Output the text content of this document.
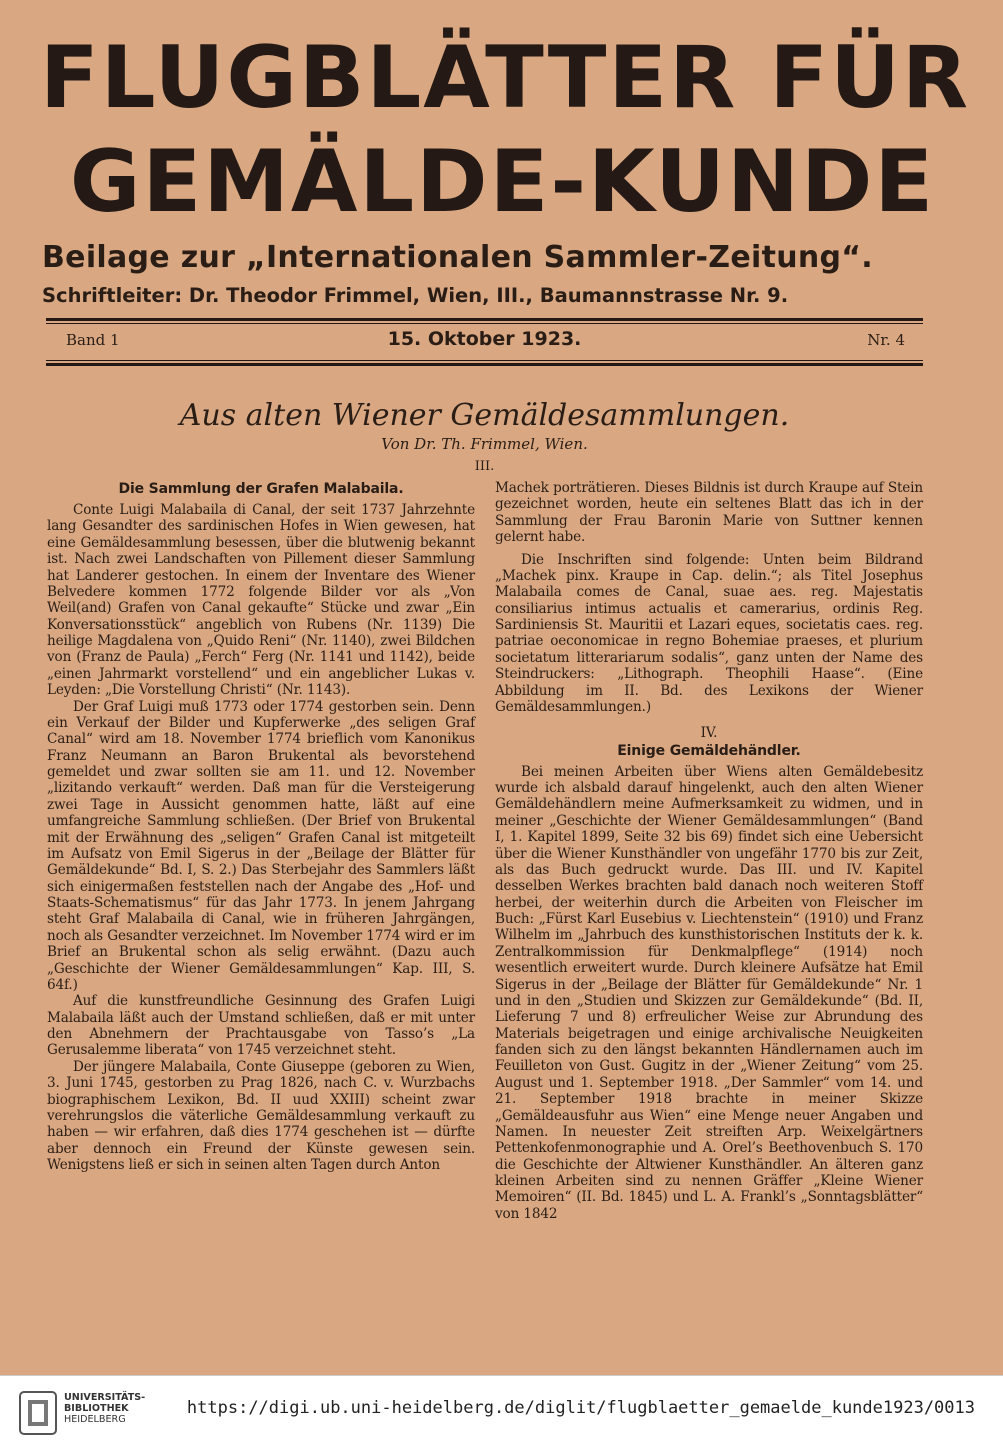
FLUGBLÄTTER FÜR
GEMÄLDE-KUNDE
Beilage zur „Internationalen Sammler-Zeitung“.
Schriftleiter: Dr. Theodor Frimmel, Wien, III., Baumannstrasse Nr. 9.
Band 1	15. Oktober 1923.	Nr. 4
Aus alten Wiener Gemäldesammlungen.
Von Dr. Th. Frimmel, Wien.
III.
Die Sammlung der Grafen Malabaila.

Conte Luigi Malabaila di Canal, der seit 1737 Jahrzehnte lang Gesandter des sardinischen Hofes in Wien gewesen, hat eine Gemäldesammlung besessen, über die blutwenig bekannt ist. Nach zwei Landschaften von Pillement dieser Sammlung hat Landerer gestochen. In einem der Inventare des Wiener Belvedere kommen 1772 folgende Bilder vor als „Von Weil(and) Grafen von Canal gekaufte“ Stücke und zwar „Ein Konversationsstück“ angeblich von Rubens (Nr. 1139) Die heilige Magdalena von „Quido Reni“ (Nr. 1140), zwei Bildchen von (Franz de Paula) „Ferch“ Ferg (Nr. 1141 und 1142), beide „einen Jahrmarkt vorstellend“ und ein angeblicher Lukas v. Leyden: „Die Vorstellung Christi“ (Nr. 1143).

Der Graf Luigi muß 1773 oder 1774 gestorben sein. Denn ein Verkauf der Bilder und Kupferwerke „des seligen Graf Canal“ wird am 18. November 1774 brieflich vom Kanonikus Franz Neumann an Baron Brukental als bevorstehend gemeldet und zwar sollten sie am 11. und 12. November „lizitando verkauft“ werden. Daß man für die Versteigerung zwei Tage in Aussicht genommen hatte, läßt auf eine umfangreiche Sammlung schließen. (Der Brief von Brukental mit der Erwähnung des „seligen“ Grafen Canal ist mitgeteilt im Aufsatz von Emil Sigerus in der „Beilage der Blätter für Gemäldekunde“ Bd. I, S. 2.) Das Sterbejahr des Sammlers läßt sich einigermaßen feststellen nach der Angabe des „Hof- und Staats-Schematismus“ für das Jahr 1773. In jenem Jahrgang steht Graf Malabaila di Canal, wie in früheren Jahrgängen, noch als Gesandter verzeichnet. Im November 1774 wird er im Brief an Brukental schon als selig erwähnt. (Dazu auch „Geschichte der Wiener Gemäldesammlungen“ Kap. III, S. 64f.)

Auf die kunstfreundliche Gesinnung des Grafen Luigi Malabaila läßt auch der Umstand schließen, daß er mit unter den Abnehmern der Prachtausgabe von Tasso’s „La Gerusalemme liberata“ von 1745 verzeichnet steht.

Der jüngere Malabaila, Conte Giuseppe (geboren zu Wien, 3. Juni 1745, gestorben zu Prag 1826, nach C. v. Wurzbachs biographischem Lexikon, Bd. II uud XXIII) scheint zwar verehrungslos die väterliche Gemäldesammlung verkauft zu haben — wir erfahren, daß dies 1774 geschehen ist — dürfte aber dennoch ein Freund der Künste gewesen sein. Wenigstens ließ er sich in seinen alten Tagen durch Anton

Machek porträtieren. Dieses Bildnis ist durch Kraupe auf Stein gezeichnet worden, heute ein seltenes Blatt das ich in der Sammlung der Frau Baronin Marie von Suttner kennen gelernt habe.

Die Inschriften sind folgende: Unten beim Bildrand „Machek pinx. Kraupe in Cap. delin.“; als Titel Josephus Malabaila comes de Canal, suae aes. reg. Majestatis consiliarius intimus actualis et camerarius, ordinis Reg. Sardiniensis St. Mauritii et Lazari eques, societatis caes. reg. patriae oeconomicae in regno Bohemiae praeses, et plurium societatum litterariarum sodalis“, ganz unten der Name des Steindruckers: „Lithograph. Theophili Haase“. (Eine Abbildung im II. Bd. des Lexikons der Wiener Gemäldesammlungen.)

IV.

Einige Gemäldehändler.

Bei meinen Arbeiten über Wiens alten Gemäldebesitz wurde ich alsbald darauf hingelenkt, auch den alten Wiener Gemäldehändlern meine Aufmerksamkeit zu widmen, und in meiner „Geschichte der Wiener Gemäldesammlungen“ (Band I, 1. Kapitel 1899, Seite 32 bis 69) findet sich eine Uebersicht über die Wiener Kunsthändler von ungefähr 1770 bis zur Zeit, als das Buch gedruckt wurde. Das III. und IV. Kapitel desselben Werkes brachten bald danach noch weiteren Stoff herbei, der weiterhin durch die Arbeiten von Fleischer im Buch: „Fürst Karl Eusebius v. Liechtenstein“ (1910) und Franz Wilhelm im „Jahrbuch des kunsthistorischen Instituts der k. k. Zentralkommission für Denkmalpflege“ (1914) noch wesentlich erweitert wurde. Durch kleinere Aufsätze hat Emil Sigerus in der „Beilage der Blätter für Gemäldekunde“ Nr. 1 und in den „Studien und Skizzen zur Gemäldekunde“ (Bd. II, Lieferung 7 und 8) erfreulicher Weise zur Abrundung des Materials beigetragen und einige archivalische Neuigkeiten fanden sich zu den längst bekannten Händlernamen auch im Feuilleton von Gust. Gugitz in der „Wiener Zeitung“ vom 25. August und 1. September 1918. „Der Sammler“ vom 14. und 21. September 1918 brachte in meiner Skizze „Gemäldeausfuhr aus Wien“ eine Menge neuer Angaben und Namen. In neuester Zeit streiften Arp. Weixelgärtners Pettenkofenmonographie und A. Orel’s Beethovenbuch S. 170 die Geschichte der Altwiener Kunsthändler. An älteren ganz kleinen Arbeiten sind zu nennen Gräffer „Kleine Wiener Memoiren“ (II. Bd. 1845) und L. A. Frankl’s „Sonntagsblätter“ von 1842

UNIVERSITÄTS-
BIBLIOTHEK
HEIDELBERG
https://digi.ub.uni-heidelberg.de/diglit/flugblaetter_gemaelde_kunde1923/0013
